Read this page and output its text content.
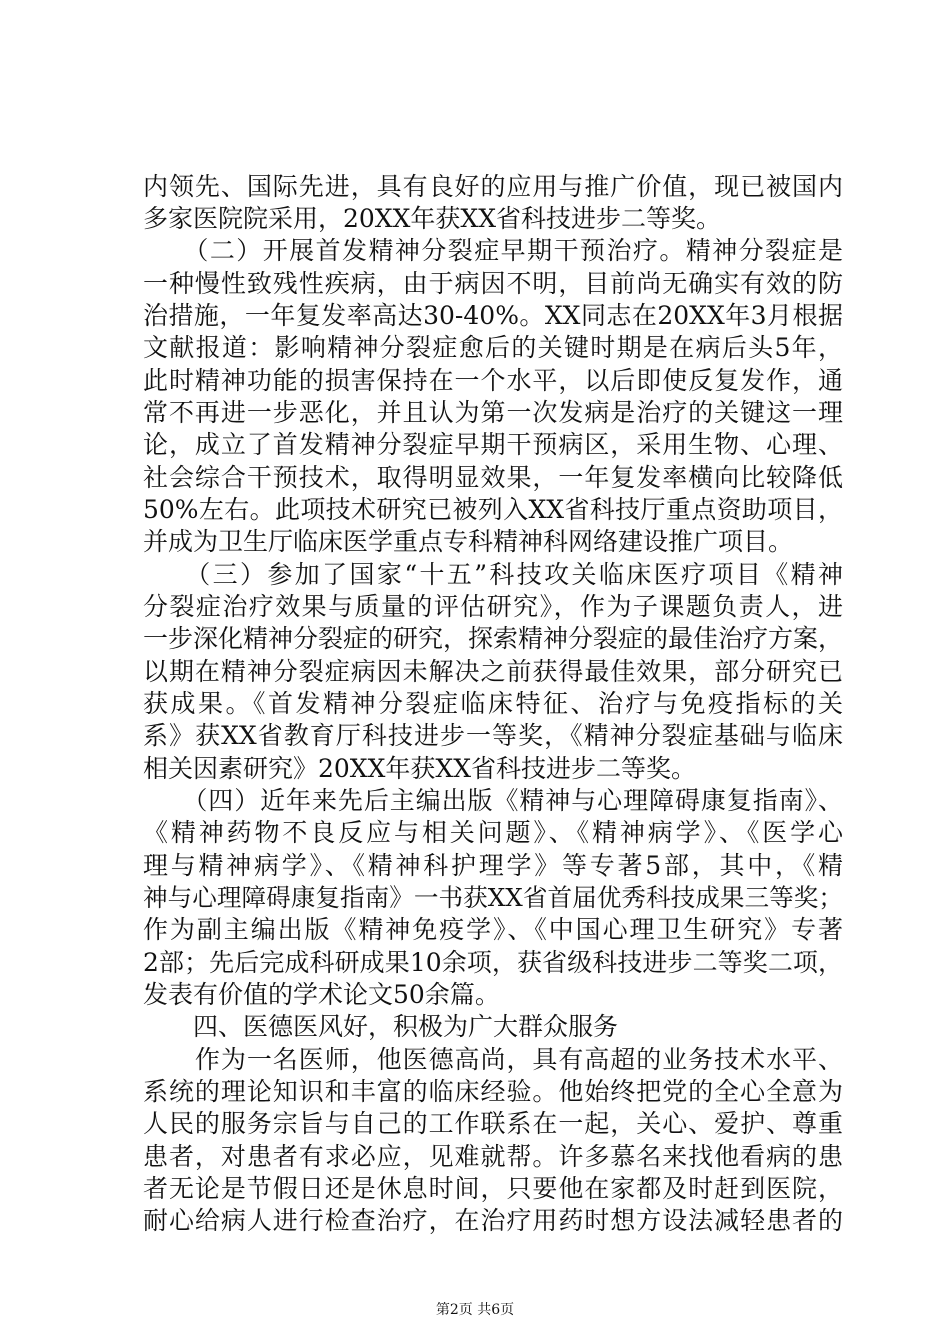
内领先、国际先进，具有良好的应用与推广价值，现已被国内
多家医院院采用，20XX年获XX省科技进步二等奖。
　　（二）开展首发精神分裂症早期干预治疗。精神分裂症是
一种慢性致残性疾病，由于病因不明，目前尚无确实有效的防
治措施，一年复发率高达30-40%。XX同志在20XX年3月根据
文献报道：影响精神分裂症愈后的关键时期是在病后头5年，
此时精神功能的损害保持在一个水平，以后即使反复发作，通
常不再进一步恶化，并且认为第一次发病是治疗的关键这一理
论，成立了首发精神分裂症早期干预病区，采用生物、心理、
社会综合干预技术，取得明显效果，一年复发率横向比较降低
50%左右。此项技术研究已被列入XX省科技厅重点资助项目，
并成为卫生厅临床医学重点专科精神科网络建设推广项目。
　　（三）参加了国家“十五”科技攻关临床医疗项目《精神
分裂症治疗效果与质量的评估研究》，作为子课题负责人，进
一步深化精神分裂症的研究，探索精神分裂症的最佳治疗方案，
以期在精神分裂症病因未解决之前获得最佳效果，部分研究已
获成果。《首发精神分裂症临床特征、治疗与免疫指标的关
系》获XX省教育厅科技进步一等奖，《精神分裂症基础与临床
相关因素研究》20XX年获XX省科技进步二等奖。
　　（四）近年来先后主编出版《精神与心理障碍康复指南》、
《精神药物不良反应与相关问题》、《精神病学》、《医学心
理与精神病学》、《精神科护理学》等专著5部，其中，《精
神与心理障碍康复指南》一书获XX省首届优秀科技成果三等奖；
作为副主编出版《精神免疫学》、《中国心理卫生研究》专著
2部；先后完成科研成果10余项，获省级科技进步二等奖二项，
发表有价值的学术论文50余篇。
　　四、医德医风好，积极为广大群众服务
　　作为一名医师，他医德高尚，具有高超的业务技术水平、
系统的理论知识和丰富的临床经验。他始终把党的全心全意为
人民的服务宗旨与自己的工作联系在一起，关心、爱护、尊重
患者，对患者有求必应，见难就帮。许多慕名来找他看病的患
者无论是节假日还是休息时间，只要他在家都及时赶到医院，
耐心给病人进行检查治疗，在治疗用药时想方设法减轻患者的
第2页 共6页
